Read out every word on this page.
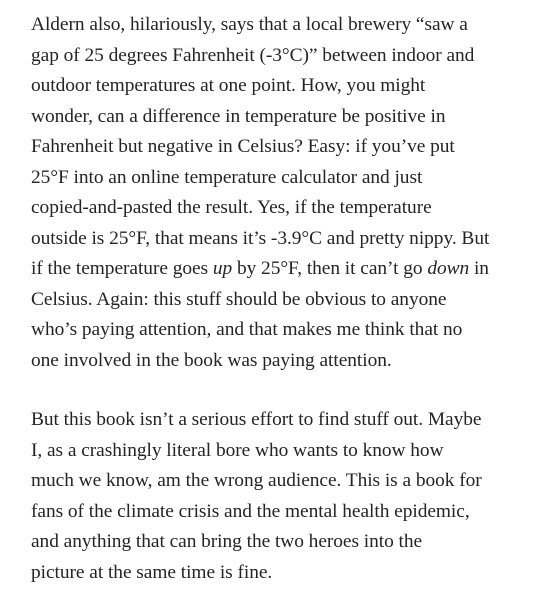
Aldern also, hilariously, says that a local brewery “saw a
gap of 25 degrees Fahrenheit (-3°C)” between indoor and
outdoor temperatures at one point. How, you might
wonder, can a difference in temperature be positive in
Fahrenheit but negative in Celsius? Easy: if you’ve put
25°F into an online temperature calculator and just
copied-and-pasted the result. Yes, if the temperature
outside is 25°F, that means it’s -3.9°C and pretty nippy. But
if the temperature goes up by 25°F, then it can’t go down in
Celsius. Again: this stuff should be obvious to anyone
who’s paying attention, and that makes me think that no
one involved in the book was paying attention.

But this book isn’t a serious effort to find stuff out. Maybe
I, as a crashingly literal bore who wants to know how
much we know, am the wrong audience. This is a book for
fans of the climate crisis and the mental health epidemic,
and anything that can bring the two heroes into the
picture at the same time is fine.
